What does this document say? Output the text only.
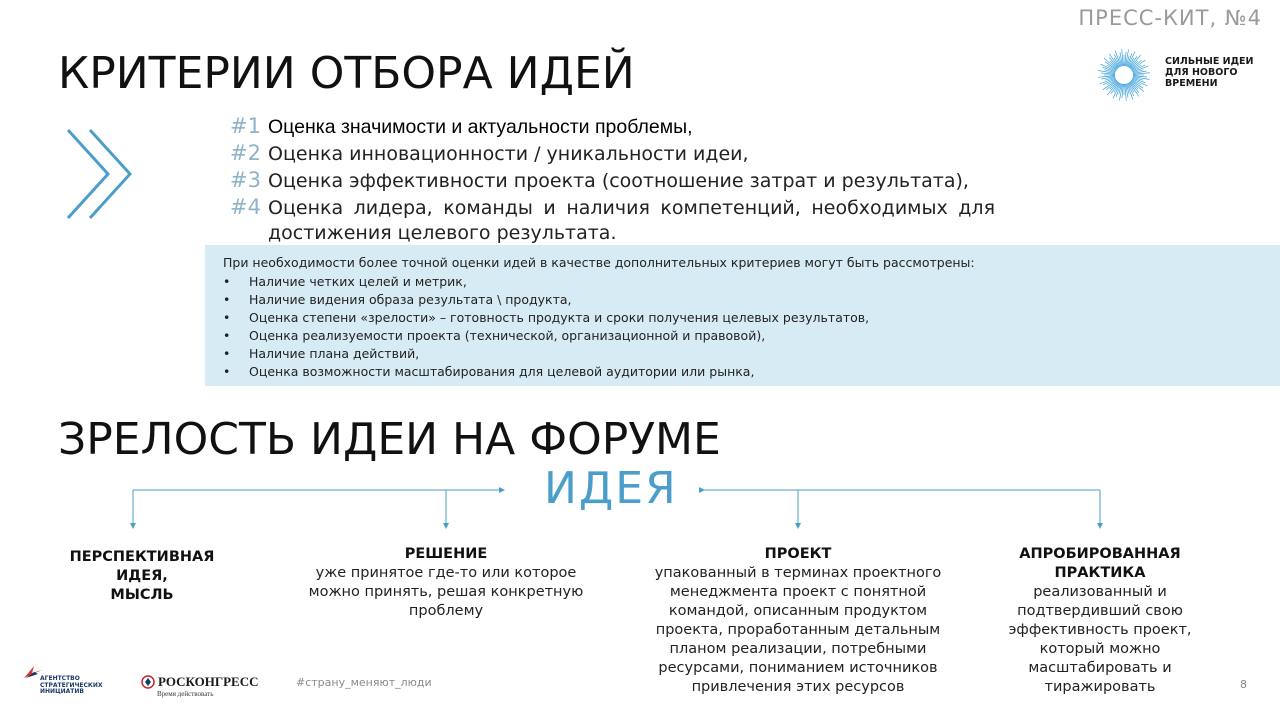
ПРЕСС-КИТ, №4
СИЛЬНЫЕ ИДЕИ
ДЛЯ НОВОГО
ВРЕМЕНИ
КРИТЕРИИ ОТБОРА ИДЕЙ
#1 Оценка значимости и актуальности проблемы,
#2 Оценка инновационности / уникальности идеи,
#3 Оценка эффективности проекта (соотношение затрат и результата),
#4 Оценка лидера, команды и наличия компетенций, необходимых для
достижения целевого результата.
При необходимости более точной оценки идей в качестве дополнительных критериев могут быть рассмотрены:
• Наличие четких целей и метрик,
• Наличие видения образа результата \ продукта,
• Оценка степени «зрелости» – готовность продукта и сроки получения целевых результатов,
• Оценка реализуемости проекта (технической, организационной и правовой),
• Наличие плана действий,
• Оценка возможности масштабирования для целевой аудитории или рынка,
ЗРЕЛОСТЬ ИДЕИ НА ФОРУМЕ
ИДЕЯ
ПЕРСПЕКТИВНАЯ ИДЕЯ,
МЫСЛЬ
РЕШЕНИЕ
уже принятое где-то или которое
можно принять, решая конкретную
проблему
ПРОЕКТ
упакованный в терминах проектного
менеджмента проект с понятной
командой, описанным продуктом
проекта, проработанным детальным
планом реализации, потребными
ресурсами, пониманием источников
привлечения этих ресурсов
АПРОБИРОВАННАЯ
ПРАКТИКА
реализованный и
подтвердивший свою
эффективность проект,
который можно
масштабировать и
тиражировать
АГЕНТСТВО
СТРАТЕГИЧЕСКИХ
ИНИЦИАТИВ
РОСКОНГРЕСС
Время действовать
#страну_меняют_люди	8
